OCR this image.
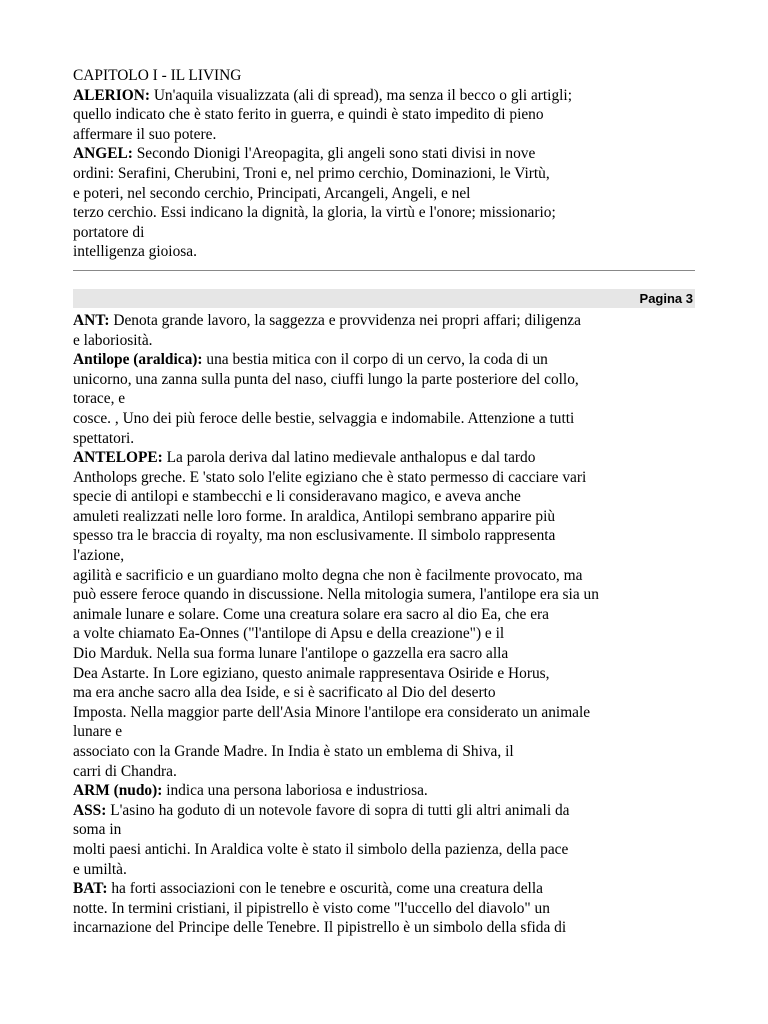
CAPITOLO I - IL LIVING
ALERION: Un'aquila visualizzata (ali di spread), ma senza il becco o gli artigli;
quello indicato che è stato ferito in guerra, e quindi è stato impedito di pieno
affermare il suo potere.
ANGEL: Secondo Dionigi l'Areopagita, gli angeli sono stati divisi in nove
ordini: Serafini, Cherubini, Troni e, nel primo cerchio, Dominazioni, le Virtù,
e poteri, nel secondo cerchio, Principati, Arcangeli, Angeli, e nel
terzo cerchio. Essi indicano la dignità, la gloria, la virtù e l'onore; missionario;
portatore di
intelligenza gioiosa.
Pagina 3
ANT: Denota grande lavoro, la saggezza e provvidenza nei propri affari; diligenza
e laboriosità.
Antilope (araldica): una bestia mitica con il corpo di un cervo, la coda di un
unicorno, una zanna sulla punta del naso, ciuffi lungo la parte posteriore del collo,
torace, e
cosce. , Uno dei più feroce delle bestie, selvaggia e indomabile. Attenzione a tutti
spettatori.
ANTELOPE: La parola deriva dal latino medievale anthalopus e dal tardo
Antholops greche. E 'stato solo l'elite egiziano che è stato permesso di cacciare vari
specie di antilopi e stambecchi e li consideravano magico, e aveva anche
amuleti realizzati nelle loro forme. In araldica, Antilopi sembrano apparire più
spesso tra le braccia di royalty, ma non esclusivamente. Il simbolo rappresenta
l'azione,
agilità e sacrificio e un guardiano molto degna che non è facilmente provocato, ma
può essere feroce quando in discussione. Nella mitologia sumera, l'antilope era sia un
animale lunare e solare. Come una creatura solare era sacro al dio Ea, che era
a volte chiamato Ea-Onnes ("l'antilope di Apsu e della creazione") e il
Dio Marduk. Nella sua forma lunare l'antilope o gazzella era sacro alla
Dea Astarte. In Lore egiziano, questo animale rappresentava Osiride e Horus,
ma era anche sacro alla dea Iside, e si è sacrificato al Dio del deserto
Imposta. Nella maggior parte dell'Asia Minore l'antilope era considerato un animale
lunare e
associato con la Grande Madre. In India è stato un emblema di Shiva, il
carri di Chandra.
ARM (nudo): indica una persona laboriosa e industriosa.
ASS: L'asino ha goduto di un notevole favore di sopra di tutti gli altri animali da
soma in
molti paesi antichi. In Araldica volte è stato il simbolo della pazienza, della pace
e umiltà.
BAT: ha forti associazioni con le tenebre e oscurità, come una creatura della
notte. In termini cristiani, il pipistrello è visto come "l'uccello del diavolo" un
incarnazione del Principe delle Tenebre. Il pipistrello è un simbolo della sfida di
